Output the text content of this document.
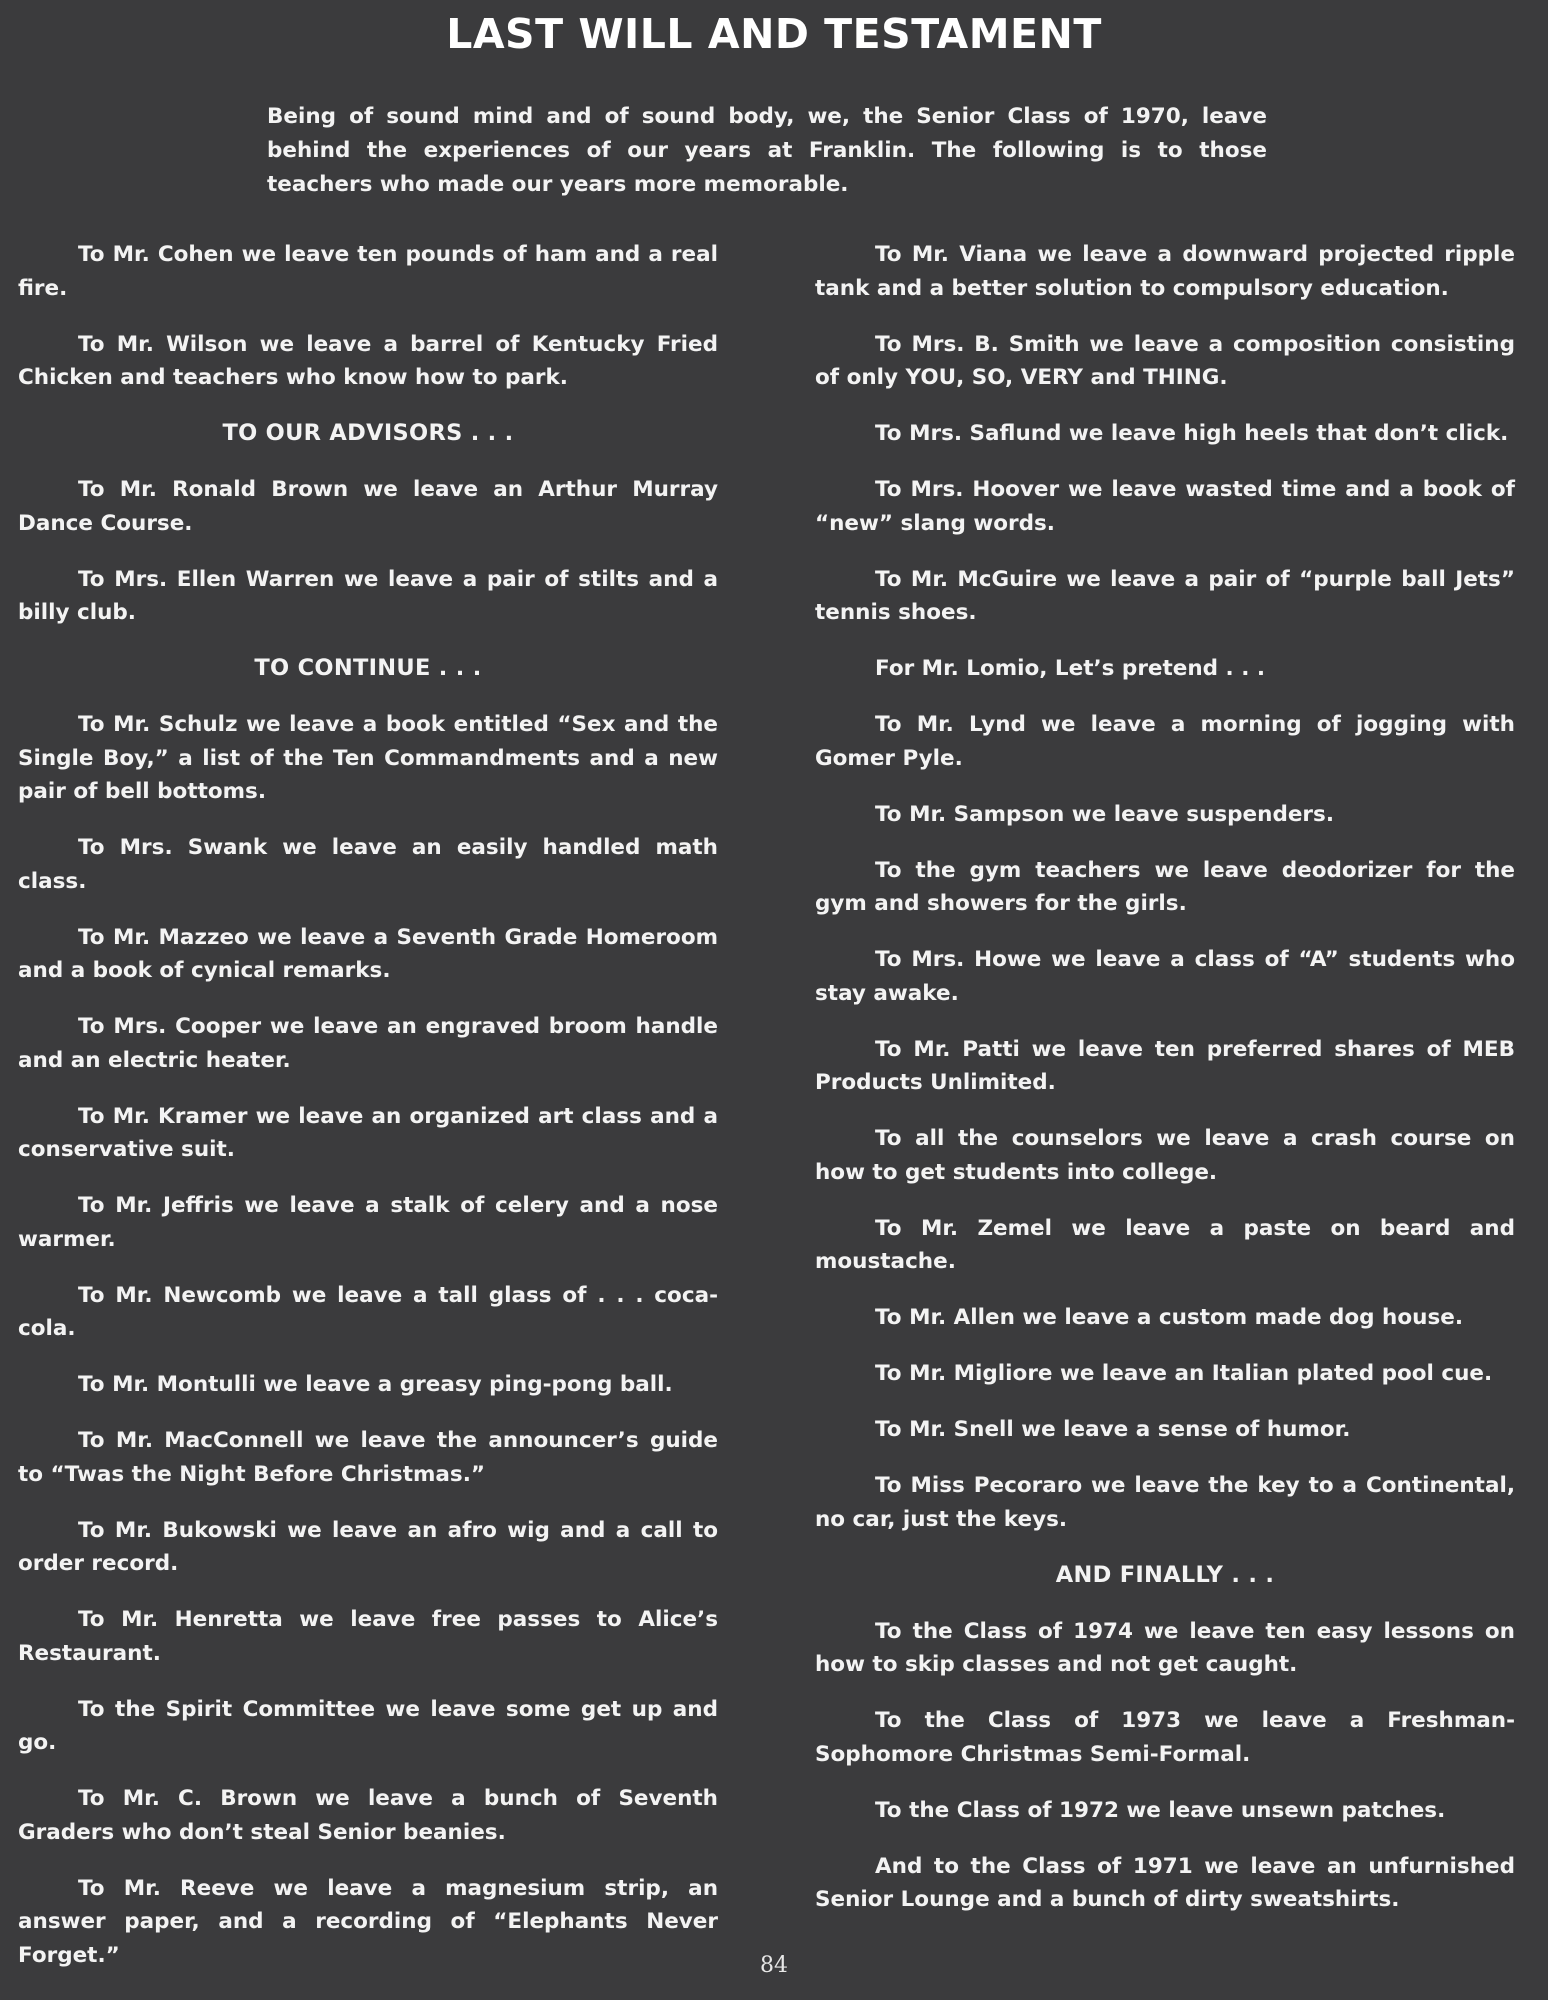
LAST WILL AND TESTAMENT
Being of sound mind and of sound body, we, the Senior Class of 1970, leave behind the experiences of our years at Franklin. The following is to those teachers who made our years more memorable.

To Mr. Cohen we leave ten pounds of ham and a real fire.

To Mr. Wilson we leave a barrel of Kentucky Fried Chicken and teachers who know how to park.

TO OUR ADVISORS . . .

To Mr. Ronald Brown we leave an Arthur Murray Dance Course.

To Mrs. Ellen Warren we leave a pair of stilts and a billy club.

TO CONTINUE . . .

To Mr. Schulz we leave a book entitled “Sex and the Single Boy,” a list of the Ten Commandments and a new pair of bell bottoms.

To Mrs. Swank we leave an easily handled math class.

To Mr. Mazzeo we leave a Seventh Grade Homeroom and a book of cynical remarks.

To Mrs. Cooper we leave an engraved broom handle and an electric heater.

To Mr. Kramer we leave an organized art class and a conservative suit.

To Mr. Jeffris we leave a stalk of celery and a nose warmer.

To Mr. Newcomb we leave a tall glass of . . . coca-cola.

To Mr. Montulli we leave a greasy ping-pong ball.

To Mr. MacConnell we leave the announcer’s guide to “Twas the Night Before Christmas.”

To Mr. Bukowski we leave an afro wig and a call to order record.

To Mr. Henretta we leave free passes to Alice’s Restaurant.

To the Spirit Committee we leave some get up and go.

To Mr. C. Brown we leave a bunch of Seventh Graders who don’t steal Senior beanies.

To Mr. Reeve we leave a magnesium strip, an answer paper, and a recording of “Elephants Never Forget.”

To Mr. Viana we leave a downward projected ripple tank and a better solution to compulsory education.

To Mrs. B. Smith we leave a composition consisting of only YOU, SO, VERY and THING.

To Mrs. Saflund we leave high heels that don’t click.

To Mrs. Hoover we leave wasted time and a book of “new” slang words.

To Mr. McGuire we leave a pair of “purple ball Jets” tennis shoes.

For Mr. Lomio, Let’s pretend . . .

To Mr. Lynd we leave a morning of jogging with Gomer Pyle.

To Mr. Sampson we leave suspenders.

To the gym teachers we leave deodorizer for the gym and showers for the girls.

To Mrs. Howe we leave a class of “A” students who stay awake.

To Mr. Patti we leave ten preferred shares of MEB Products Unlimited.

To all the counselors we leave a crash course on how to get students into college.

To Mr. Zemel we leave a paste on beard and moustache.

To Mr. Allen we leave a custom made dog house.

To Mr. Migliore we leave an Italian plated pool cue.

To Mr. Snell we leave a sense of humor.

To Miss Pecoraro we leave the key to a Continental, no car, just the keys.

AND FINALLY . . .

To the Class of 1974 we leave ten easy lessons on how to skip classes and not get caught.

To the Class of 1973 we leave a Freshman-Sophomore Christmas Semi-Formal.

To the Class of 1972 we leave unsewn patches.

And to the Class of 1971 we leave an unfurnished Senior Lounge and a bunch of dirty sweatshirts.

84
